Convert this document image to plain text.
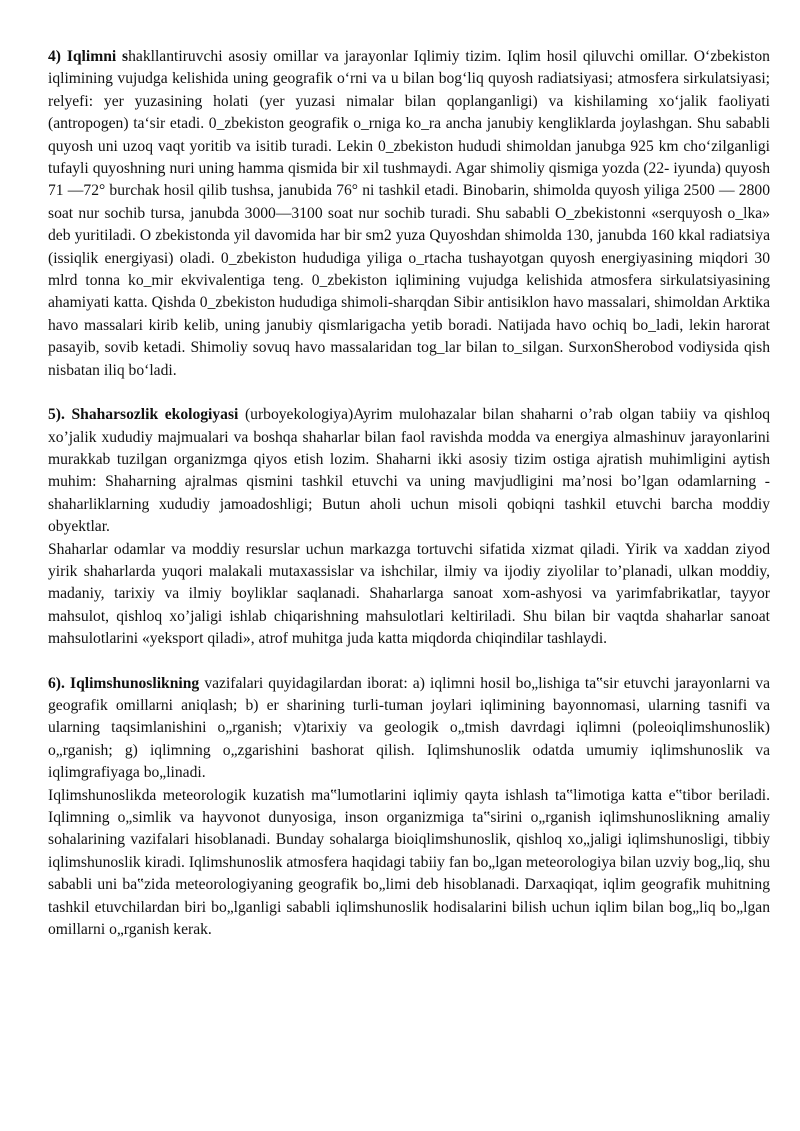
4) Iqlimni shakllantiruvchi asosiy omillar va jarayonlar Iqlimiy tizim. Iqlim hosil qiluvchi omillar. O‘zbekiston iqlimining vujudga kelishida uning geografik o‘rni va u bilan bog‘liq quyosh radiatsiyasi; atmosfera sirkulatsiyasi; relyefi: yer yuzasining holati (yer yuzasi nimalar bilan qoplanganligi) va kishilaming xo‘jalik faoliyati (antropogen) ta‘sir etadi. 0_zbekiston geografik o_rniga ko_ra ancha janubiy kengliklarda joylashgan. Shu sababli quyosh uni uzoq vaqt yoritib va isitib turadi. Lekin 0_zbekiston hududi shimoldan janubga 925 km cho‘zilganligi tufayli quyoshning nuri uning hamma qismida bir xil tushmaydi. Agar shimoliy qismiga yozda (22- iyunda) quyosh 71 —72° burchak hosil qilib tushsa, janubida 76° ni tashkil etadi. Binobarin, shimolda quyosh yiliga 2500 — 2800 soat nur sochib tursa, janubda 3000—3100 soat nur sochib turadi. Shu sababli O_zbekistonni «serquyosh o_lka» deb yuritiladi. O zbekistonda yil davomida har bir sm2 yuza Quyoshdan shimolda 130, janubda 160 kkal radiatsiya (issiqlik energiyasi) oladi. 0_zbekiston hududiga yiliga o_rtacha tushayotgan quyosh energiyasining miqdori 30 mlrd tonna ko_mir ekvivalentiga teng. 0_zbekiston iqlimining vujudga kelishida atmosfera sirkulatsiyasining ahamiyati katta. Qishda 0_zbekiston hududiga shimoli-sharqdan Sibir antisiklon havo massalari, shimoldan Arktika havo massalari kirib kelib, uning janubiy qismlarigacha yetib boradi. Natijada havo ochiq bo_ladi, lekin harorat pasayib, sovib ketadi. Shimoliy sovuq havo massalaridan tog_lar bilan to_silgan. SurxonSherobod vodiysida qish nisbatan iliq bo‘ladi.

5). Shaharsozlik ekologiyasi (urboyekologiya)Ayrim mulohazalar bilan shaharni o’rab olgan tabiiy va qishloq xo’jalik xududiy majmualari va boshqa shaharlar bilan faol ravishda modda va energiya almashinuv jarayonlarini murakkab tuzilgan organizmga qiyos etish lozim. Shaharni ikki asosiy tizim ostiga ajratish muhimligini aytish muhim: Shaharning ajralmas qismini tashkil etuvchi va uning mavjudligini ma’nosi bo’lgan odamlarning - shaharliklarning xududiy jamoadoshligi; Butun aholi uchun misoli qobiqni tashkil etuvchi barcha moddiy obyektlar.

Shaharlar odamlar va moddiy resurslar uchun markazga tortuvchi sifatida xizmat qiladi. Yirik va xaddan ziyod yirik shaharlarda yuqori malakali mutaxassislar va ishchilar, ilmiy va ijodiy ziyolilar to’planadi, ulkan moddiy, madaniy, tarixiy va ilmiy boyliklar saqlanadi. Shaharlarga sanoat xom-ashyosi va yarimfabrikatlar, tayyor mahsulot, qishloq xo’jaligi ishlab chiqarishning mahsulotlari keltiriladi. Shu bilan bir vaqtda shaharlar sanoat mahsulotlarini «yeksport qiladi», atrof muhitga juda katta miqdorda chiqindilar tashlaydi.

6). Iqlimshunoslikning vazifalari quyidagilardan iborat: a) iqlimni hosil bo„lishiga ta‟sir etuvchi jarayonlarni va geografik omillarni aniqlash; b) er sharining turli-tuman joylari iqlimining bayonnomasi, ularning tasnifi va ularning taqsimlanishini o„rganish; v)tarixiy va geologik o„tmish davrdagi iqlimni (poleoiqlimshunoslik) o„rganish; g) iqlimning o„zgarishini bashorat qilish. Iqlimshunoslik odatda umumiy iqlimshunoslik va iqlimgrafiyaga bo„linadi.

Iqlimshunoslikda meteorologik kuzatish ma‟lumotlarini iqlimiy qayta ishlash ta‟limotiga katta e‟tibor beriladi. Iqlimning o„simlik va hayvonot dunyosiga, inson organizmiga ta‟sirini o„rganish iqlimshunoslikning amaliy sohalarining vazifalari hisoblanadi. Bunday sohalarga bioiqlimshunoslik, qishloq xo„jaligi iqlimshunosligi, tibbiy iqlimshunoslik kiradi. Iqlimshunoslik atmosfera haqidagi tabiiy fan bo„lgan meteorologiya bilan uzviy bog„liq, shu sababli uni ba‟zida meteorologiyaning geografik bo„limi deb hisoblanadi. Darxaqiqat, iqlim geografik muhitning tashkil etuvchilardan biri bo„lganligi sababli iqlimshunoslik hodisalarini bilish uchun iqlim bilan bog„liq bo„lgan omillarni o„rganish kerak.
